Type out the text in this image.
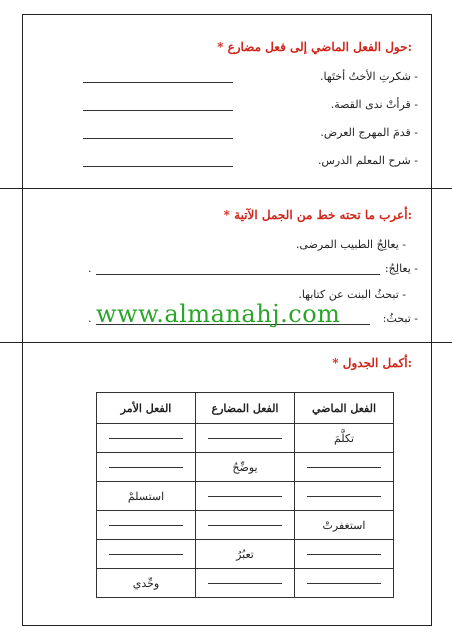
* حول الفعل الماضي إلى فعل مضارع:
- شكرتِ الأختُ أختَها.
- قرأتْ ندى القصة.
- قدمَ المهرج العرض.
- شرح المعلم الدرس.
* أعرب ما تحته خط من الجمل الآتية:
- يعالِجُ الطبيب المرضى.
- يعالِجُ:
.
- تبحثُ البنت عن كتابها.
- تبحثُ:
. www.almanahj.com
* أكمل الجدول:
الفعل الماضي	الفعل المضارع	الفعل الأمر
تكلَّمَ		
	يوضِّحُ	
		استسلمْ
استغفرتْ		
	تعبُرُ	
		وحِّدي
